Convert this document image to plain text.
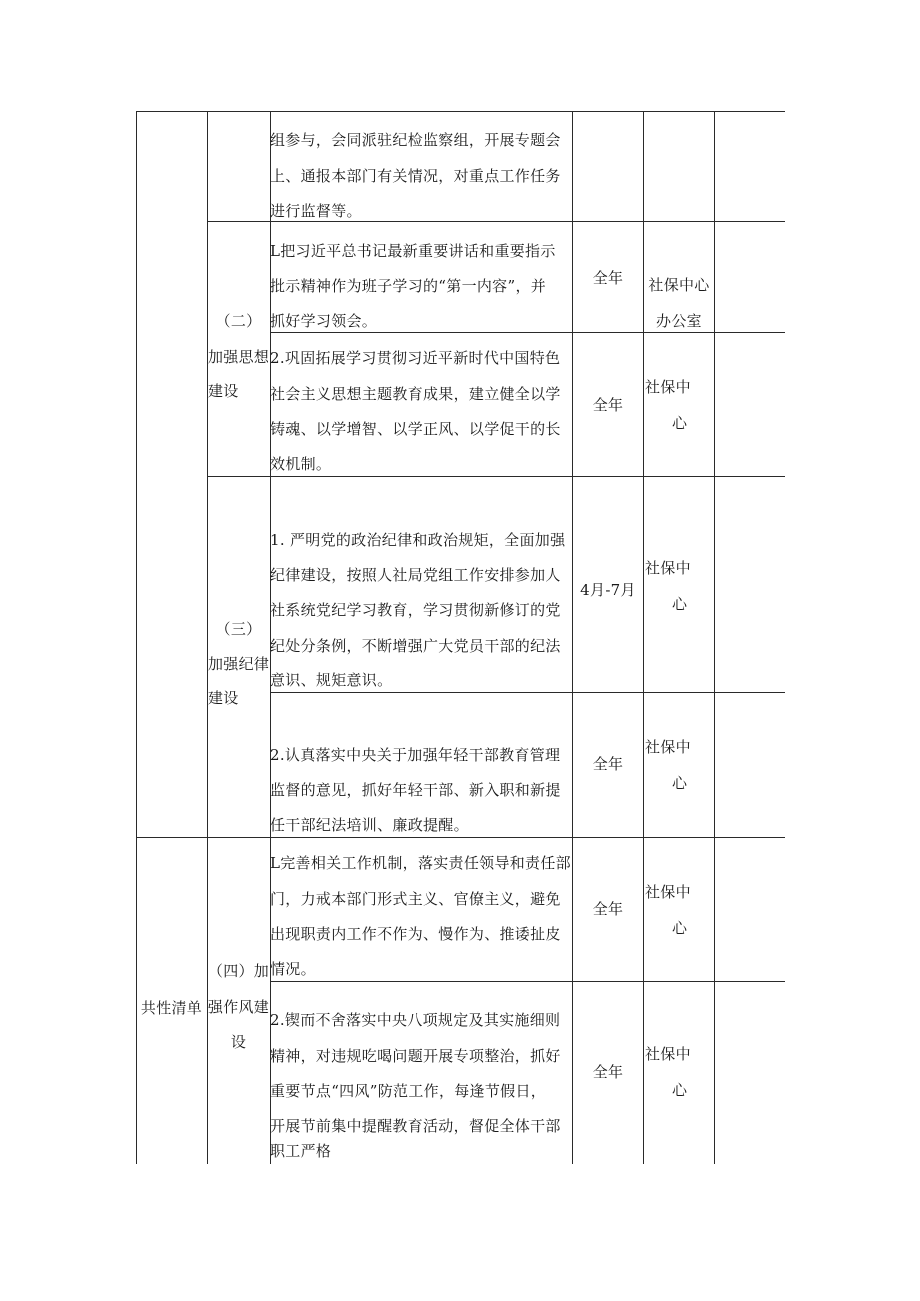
共性清单
（二）
加强思想
建设
（三）
加强纪律
建设
（四）加
强作风建
设
组参与，会同派驻纪检监察组，开展专题会
上、通报本部门有关情况，对重点工作任务
进行监督等。
L把习近平总书记最新重要讲话和重要指示
批示精神作为班子学习的“第一内容”，并
抓好学习领会。
全年	社保中心
办公室
2.巩固拓展学习贯彻习近平新时代中国特色
社会主义思想主题教育成果，建立健全以学
铸魂、以学增智、以学正风、以学促干的长
效机制。
全年
社保中
心
1. 严明党的政治纪律和政治规矩，全面加强
纪律建设，按照人社局党组工作安排参加人
社系统党纪学习教育，学习贯彻新修订的党
纪处分条例，不断增强广大党员干部的纪法
意识、规矩意识。
4月-7月
社保中
心
2.认真落实中央关于加强年轻干部教育管理
监督的意见，抓好年轻干部、新入职和新提
任干部纪法培训、廉政提醒。
全年
社保中
心
L完善相关工作机制，落实责任领导和责任部
门，力戒本部门形式主义、官僚主义，避免
出现职责内工作不作为、慢作为、推诿扯皮
情况。
全年
社保中
心
2.锲而不舍落实中央八项规定及其实施细则
精神，对违规吃喝问题开展专项整治，抓好
重要节点“四风”防范工作，每逢节假日，
开展节前集中提醒教育活动，督促全体干部
职工严格
全年
社保中
心
